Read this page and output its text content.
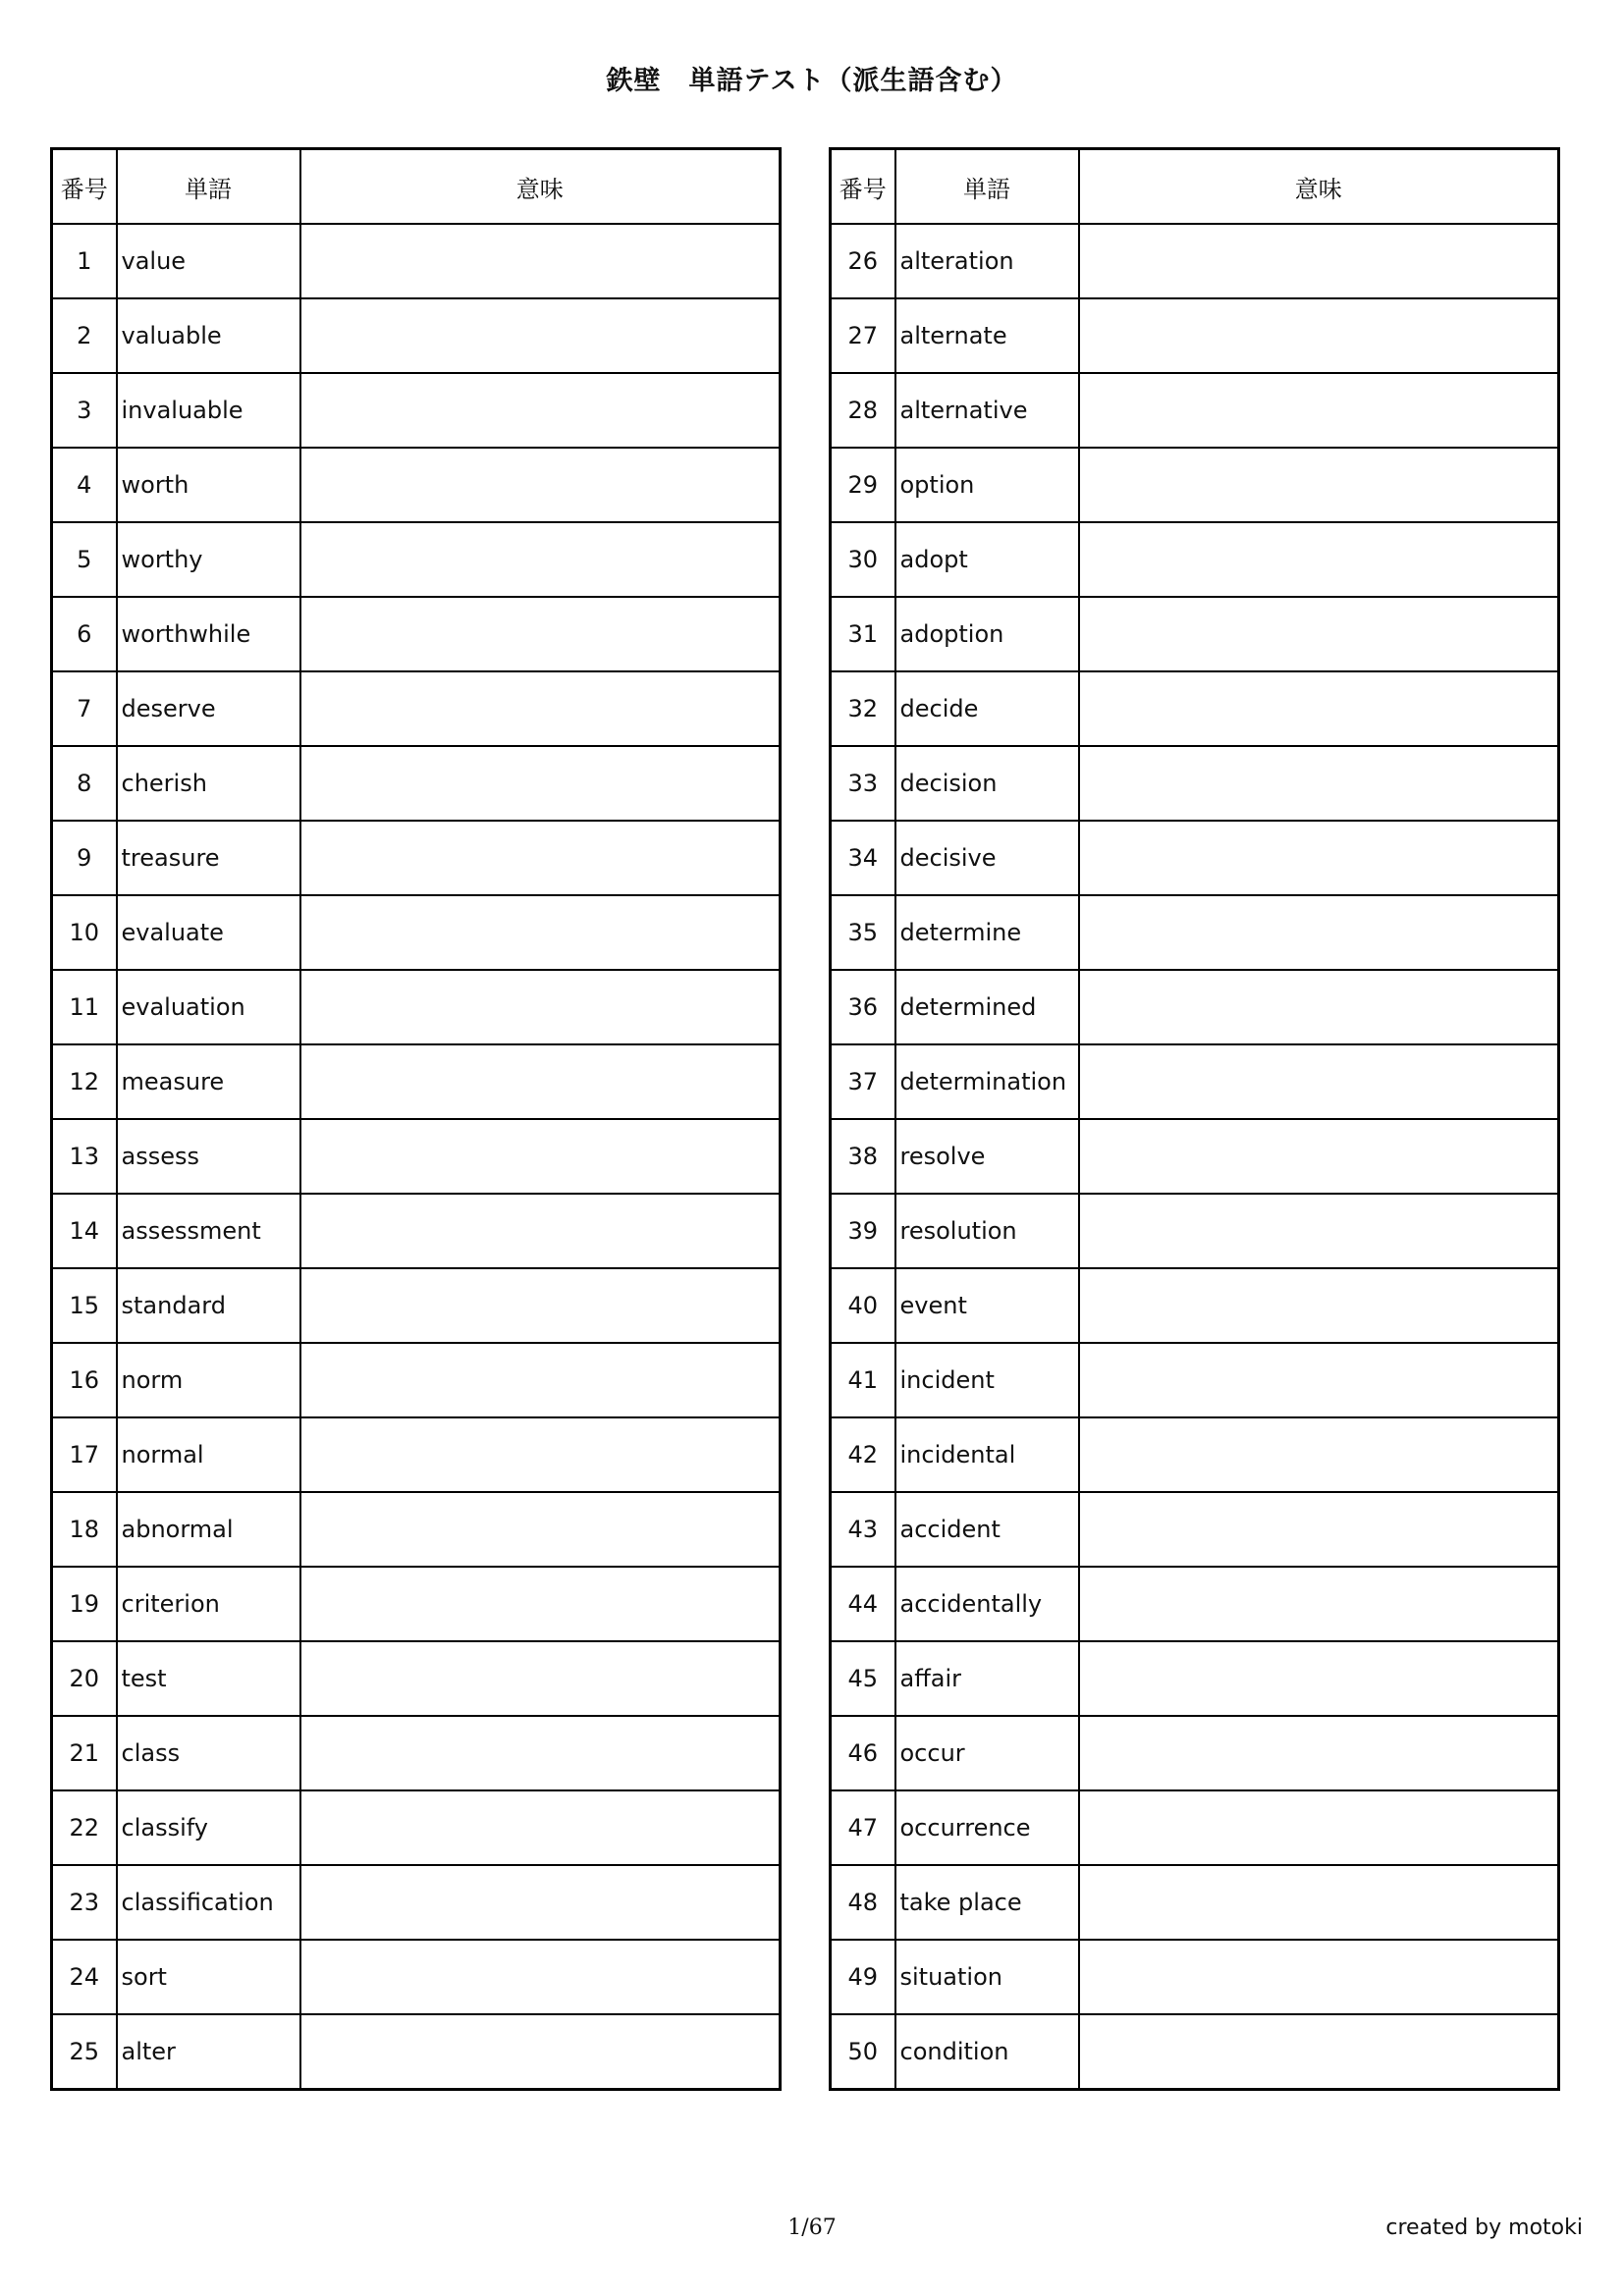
鉄壁　単語テスト（派生語含む）
番号	単語	意味
1	value	
2	valuable	
3	invaluable	
4	worth	
5	worthy	
6	worthwhile	
7	deserve	
8	cherish	
9	treasure	
10	evaluate	
11	evaluation	
12	measure	
13	assess	
14	assessment	
15	standard	
16	norm	
17	normal	
18	abnormal	
19	criterion	
20	test	
21	class	
22	classify	
23	classification	
24	sort	
25	alter	
番号	単語	意味
26	alteration	
27	alternate	
28	alternative	
29	option	
30	adopt	
31	adoption	
32	decide	
33	decision	
34	decisive	
35	determine	
36	determined	
37	determination	
38	resolve	
39	resolution	
40	event	
41	incident	
42	incidental	
43	accident	
44	accidentally	
45	affair	
46	occur	
47	occurrence	
48	take place	
49	situation	
50	condition	
1/67	created by motoki
